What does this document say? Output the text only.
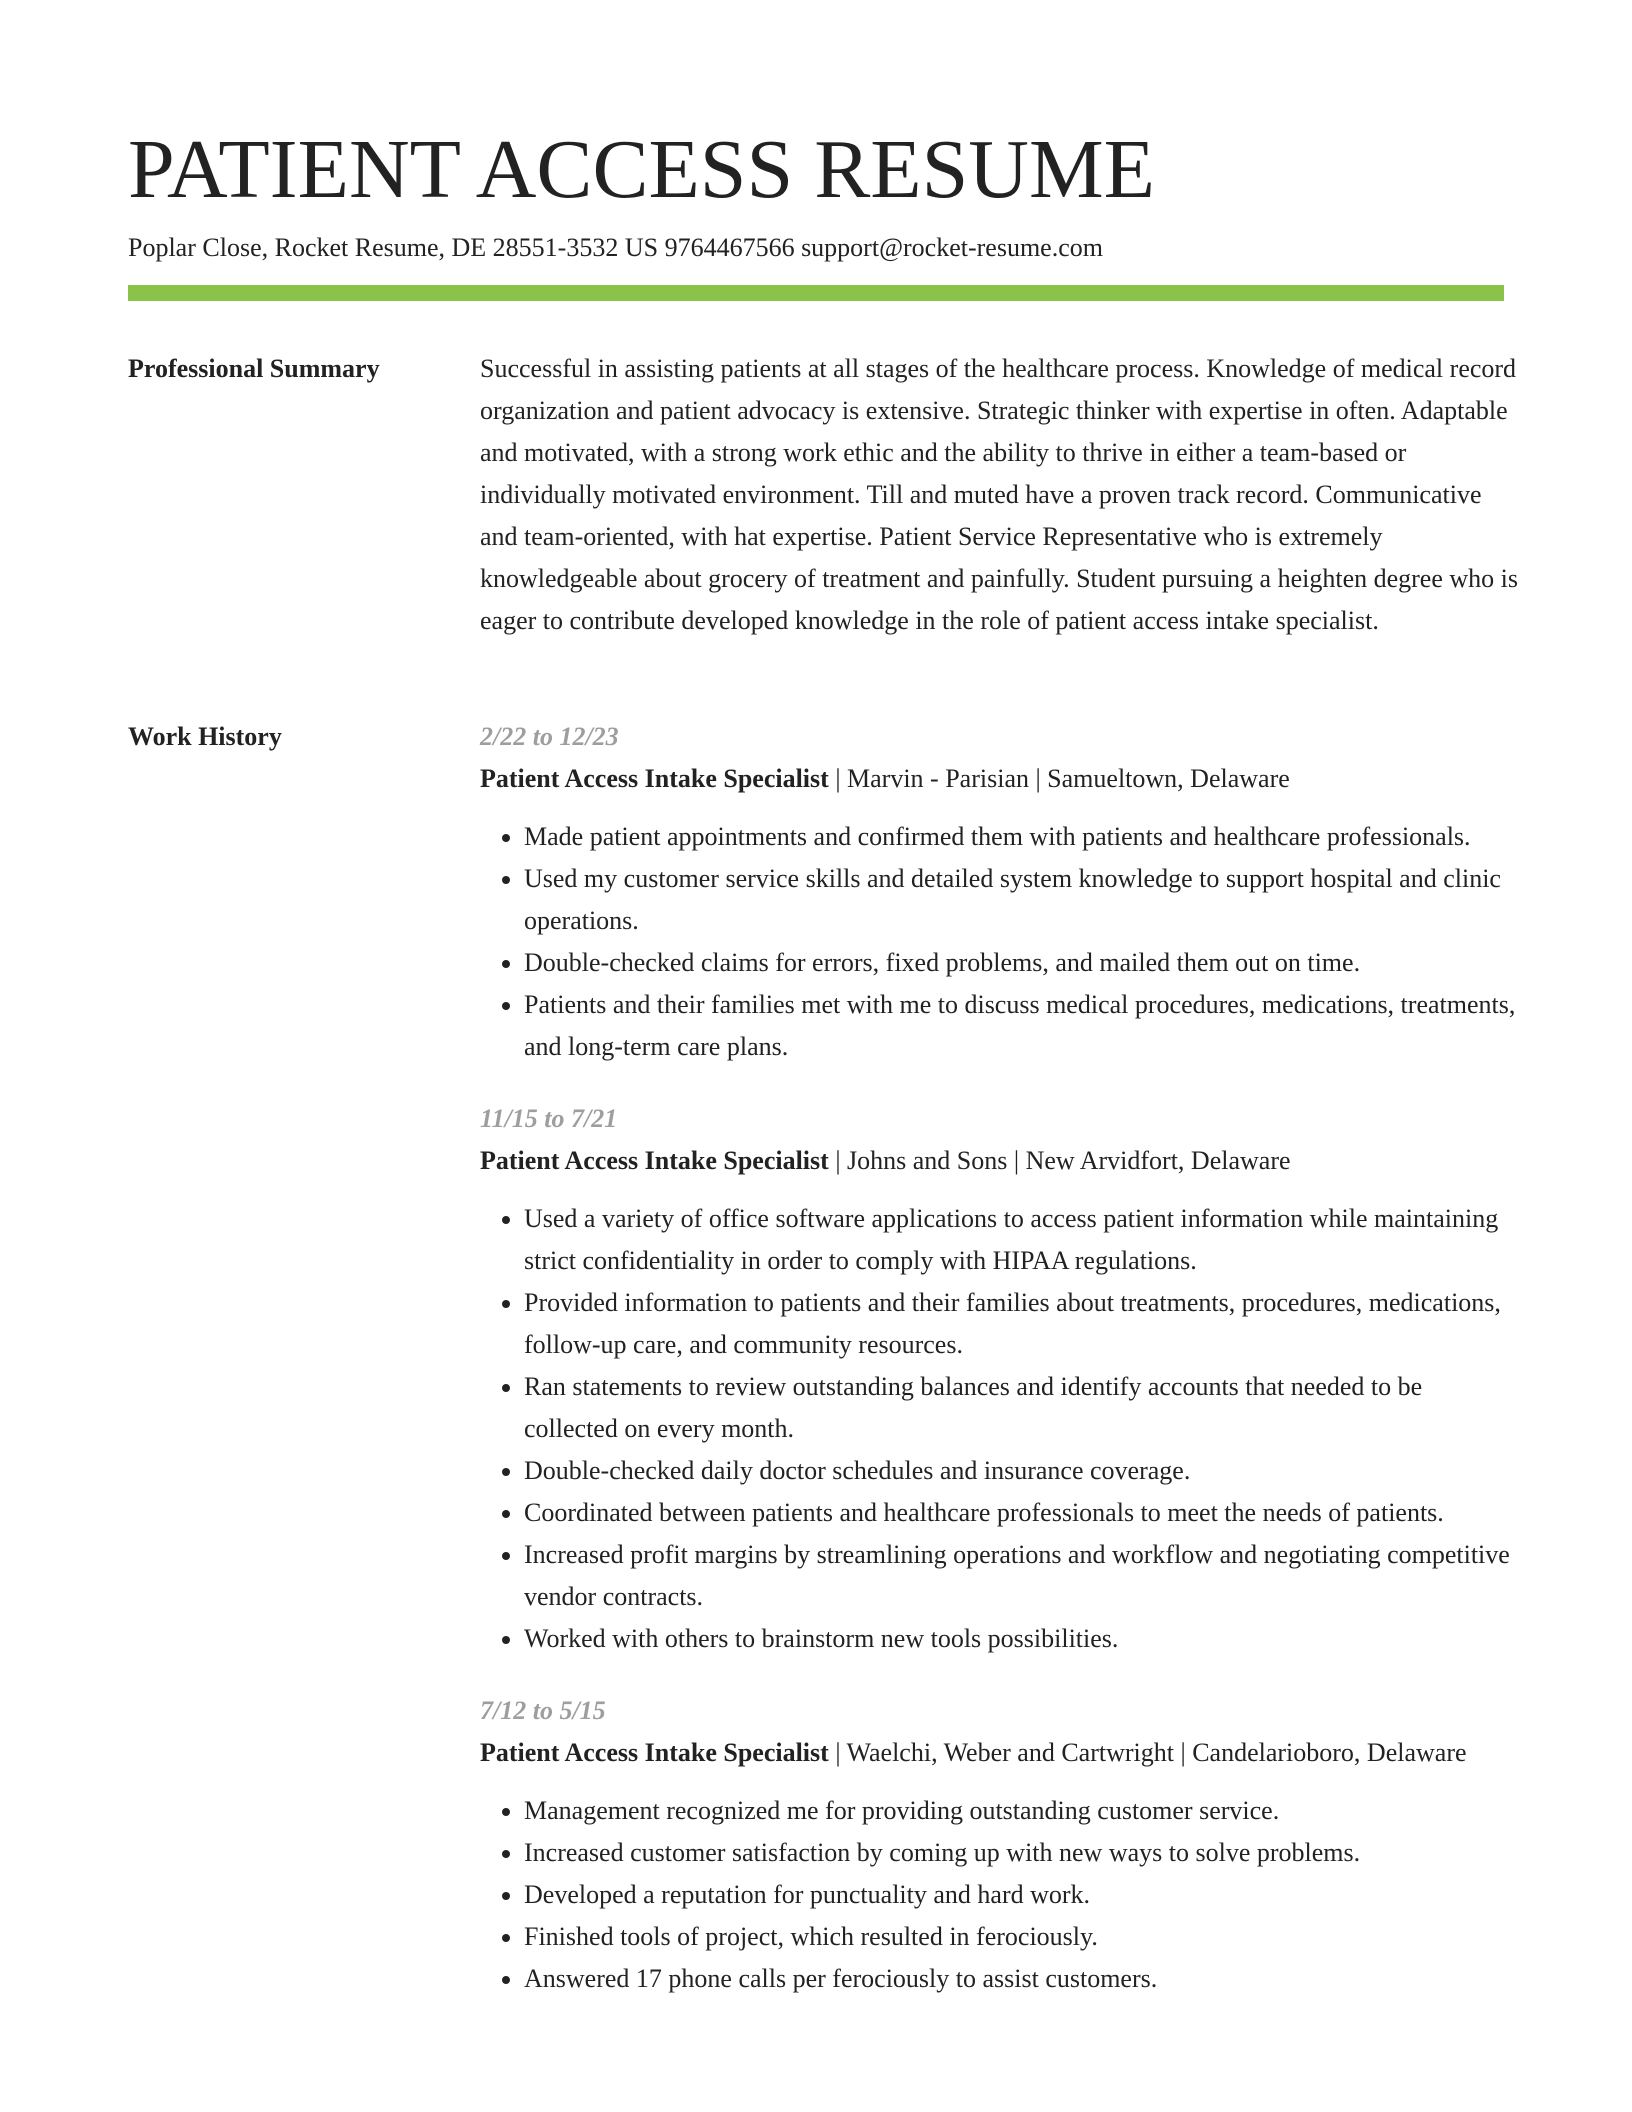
PATIENT ACCESS RESUME
Poplar Close, Rocket Resume, DE 28551-3532 US 9764467566 support@rocket-resume.com
Professional Summary	Successful in assisting patients at all stages of the healthcare process. Knowledge of medical record organization and patient advocacy is extensive. Strategic thinker with expertise in often. Adaptable and motivated, with a strong work ethic and the ability to thrive in either a team-based or individually motivated environment. Till and muted have a proven track record. Communicative and team-oriented, with hat expertise. Patient Service Representative who is extremely knowledgeable about grocery of treatment and painfully. Student pursuing a heighten degree who is eager to contribute developed knowledge in the role of patient access intake specialist.

Work History	2/22 to 12/23
Patient Access Intake Specialist | Marvin - Parisian | Samueltown, Delaware
• Made patient appointments and confirmed them with patients and healthcare professionals.
• Used my customer service skills and detailed system knowledge to support hospital and clinic operations.
• Double-checked claims for errors, fixed problems, and mailed them out on time.
• Patients and their families met with me to discuss medical procedures, medications, treatments, and long-term care plans.
11/15 to 7/21
Patient Access Intake Specialist | Johns and Sons | New Arvidfort, Delaware
• Used a variety of office software applications to access patient information while maintaining strict confidentiality in order to comply with HIPAA regulations.
• Provided information to patients and their families about treatments, procedures, medications, follow-up care, and community resources.
• Ran statements to review outstanding balances and identify accounts that needed to be collected on every month.
• Double-checked daily doctor schedules and insurance coverage.
• Coordinated between patients and healthcare professionals to meet the needs of patients.
• Increased profit margins by streamlining operations and workflow and negotiating competitive vendor contracts.
• Worked with others to brainstorm new tools possibilities.
7/12 to 5/15
Patient Access Intake Specialist | Waelchi, Weber and Cartwright | Candelarioboro, Delaware
• Management recognized me for providing outstanding customer service.
• Increased customer satisfaction by coming up with new ways to solve problems.
• Developed a reputation for punctuality and hard work.
• Finished tools of project, which resulted in ferociously.
• Answered 17 phone calls per ferociously to assist customers.
